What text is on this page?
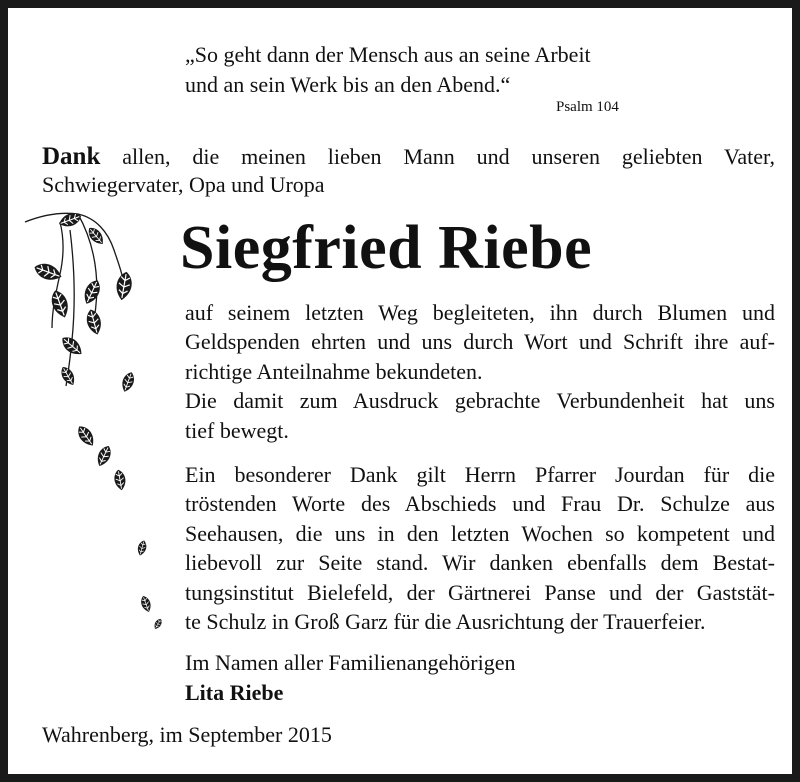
„So geht dann der Mensch aus an seine Arbeit
und an sein Werk bis an den Abend.“
Psalm 104
Dank allen, die meinen lieben Mann und unseren geliebten Vater,
Schwiegervater, Opa und Uropa
Siegfried Riebe
auf seinem letzten Weg begleiteten, ihn durch Blumen und
Geldspenden ehrten und uns durch Wort und Schrift ihre auf-
richtige Anteilnahme bekundeten.
Die damit zum Ausdruck gebrachte Verbundenheit hat uns
tief bewegt.
Ein besonderer Dank gilt Herrn Pfarrer Jourdan für die
tröstenden Worte des Abschieds und Frau Dr. Schulze aus
Seehausen, die uns in den letzten Wochen so kompetent und
liebevoll zur Seite stand. Wir danken ebenfalls dem Bestat-
tungsinstitut Bielefeld, der Gärtnerei Panse und der Gaststät-
te Schulz in Groß Garz für die Ausrichtung der Trauerfeier.
Im Namen aller Familienangehörigen
Lita Riebe
Wahrenberg, im September 2015
